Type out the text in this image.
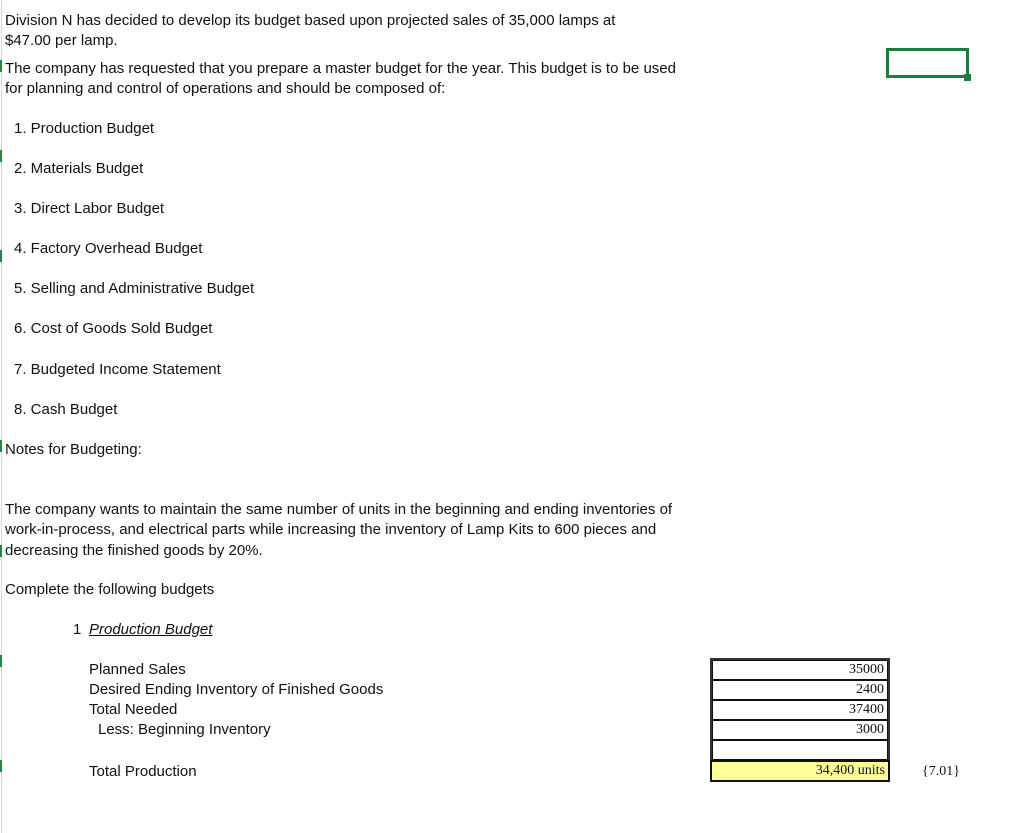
Division N has decided to develop its budget based upon projected sales of 35,000 lamps at
$47.00 per lamp.
The company has requested that you prepare a master budget for the year. This budget is to be used
for planning and control of operations and should be composed of:
1. Production Budget
2. Materials Budget
3. Direct Labor Budget
4. Factory Overhead Budget
5. Selling and Administrative Budget
6. Cost of Goods Sold Budget
7. Budgeted Income Statement
8. Cash Budget
Notes for Budgeting:
The company wants to maintain the same number of units in the beginning and ending inventories of
work-in-process, and electrical parts while increasing the inventory of Lamp Kits to 600 pieces and
decreasing the finished goods by 20%.
Complete the following budgets
1 Production Budget
Planned Sales
Desired Ending Inventory of Finished Goods
Total Needed
Less: Beginning Inventory
Total Production
35000
2400
37400
3000
34,400 units	{7.01}
